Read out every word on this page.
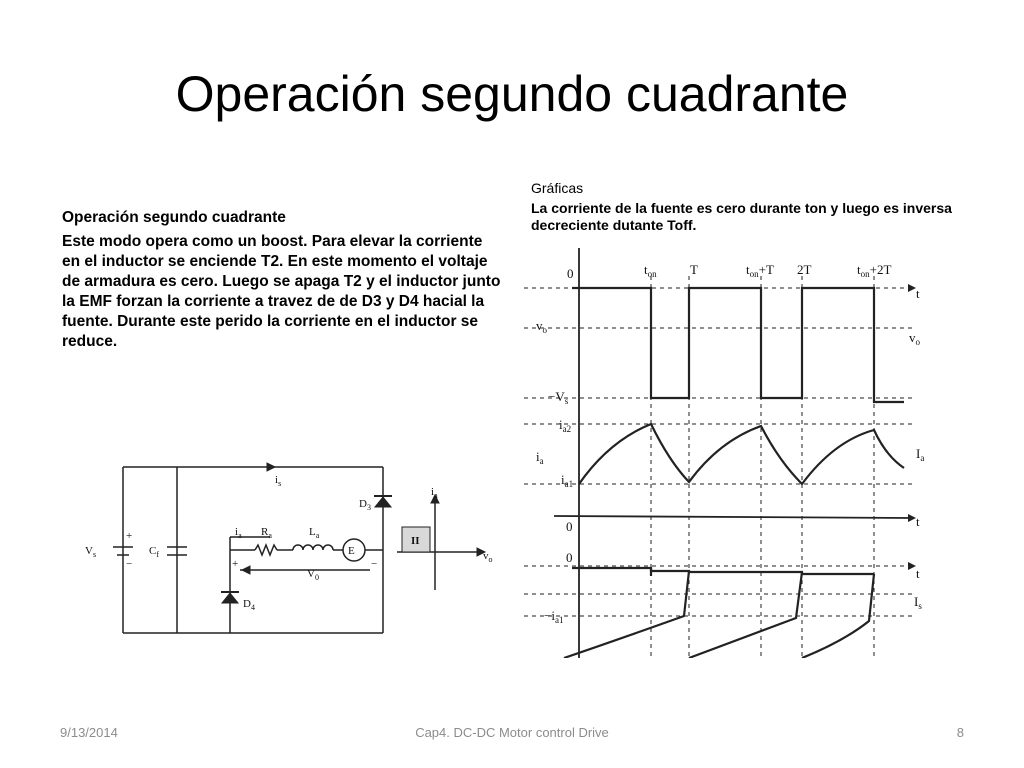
Operación segundo cuadrante
Operación segundo cuadrante
Este modo opera como un boost. Para elevar la corriente en el inductor se enciende T2. En este momento el voltaje de armadura es cero. Luego se apaga T2 y el inductor junto la EMF forzan la corriente a travez de de D3 y D4 hacial la fuente. Durante este perido la corriente en el inductor se reduce.
Gráficas
La corriente de la fuente es cero durante ton y luego es inversa decreciente dutante Toff.
$V_s$	$C_f$
$i_s$
$D_3$
$D_4$
$i_a$ $R_a$	$L_a$
E
$V_0$
II
$i_a$
$v_o$
+
−	+	−
0	$t_{on}$	T	$t_{on}+T$ 2T	$t_{on}+2T$
t
$v_o$	$v_o$
$-V_s$
$i_{a2}$
$i_a$
$i_{a1}$
$I_a$
0	t
0
t
$I_s$
$-i_{a1}$
9/13/2014	Cap4. DC-DC Motor control Drive	8
